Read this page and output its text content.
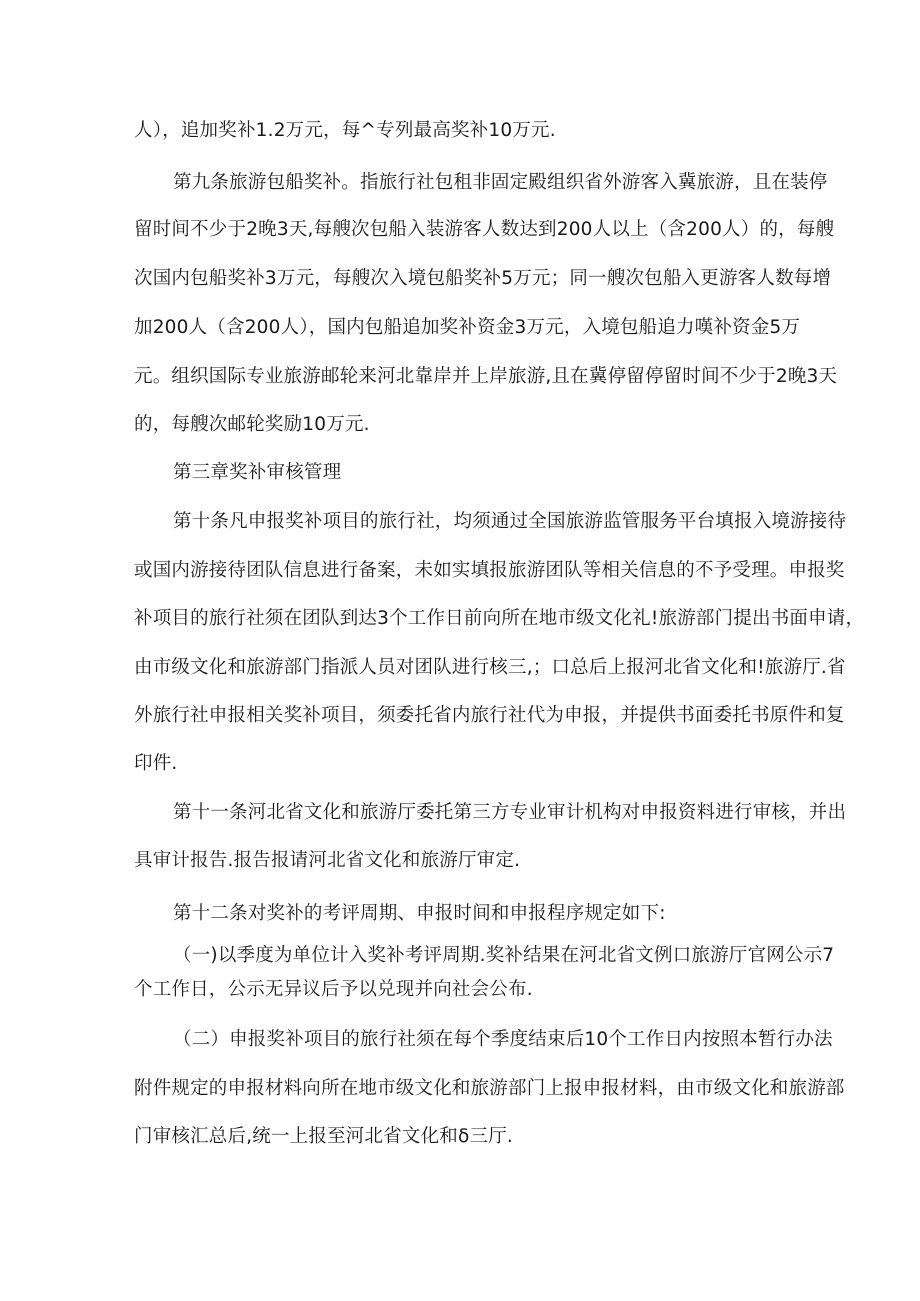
人），追加奖补1.2万元，每^专列最高奖补10万元.
第九条旅游包船奖补。指旅行社包租非固定殿组织省外游客入冀旅游，且在装停
留时间不少于2晚3天,每艘次包船入装游客人数达到200人以上（含200人）的，每艘
次国内包船奖补3万元，每艘次入境包船奖补5万元；同一艘次包船入更游客人数每增
加200人（含200人），国内包船追加奖补资金3万元，入境包船追力嘆补资金5万
元。组织国际专业旅游邮轮来河北靠岸并上岸旅游,且在冀停留停留时间不少于2晚3天
的，每艘次邮轮奖励10万元.
第三章奖补审核管理
第十条凡申报奖补项目的旅行社，均须通过全国旅游监管服务平台填报入境游接待
或国内游接待团队信息进行备案，未如实填报旅游团队等相关信息的不予受理。申报奖
补项目的旅行社须在团队到达3个工作日前向所在地市级文化礼!旅游部门提出书面申请，
由市级文化和旅游部门指派人员对团队进行核三,；口总后上报河北省文化和!旅游厅.省
外旅行社申报相关奖补项目，须委托省内旅行社代为申报，并提供书面委托书原件和复
印件.
第十一条河北省文化和旅游厅委托第三方专业审计机构对申报资料进行审核，并出
具审计报告.报告报请河北省文化和旅游厅审定.
第十二条对奖补的考评周期、申报时间和申报程序规定如下:
（一)以季度为单位计入奖补考评周期.奖补结果在河北省文例口旅游厅官网公示7
个工作日，公示无异议后予以兑现并向社会公布.
（二）申报奖补项目的旅行社须在每个季度结束后10个工作日内按照本暂行办法
附件规定的申报材料向所在地市级文化和旅游部门上报申报材料，由市级文化和旅游部
门审核汇总后,统一上报至河北省文化和δ三厅.
